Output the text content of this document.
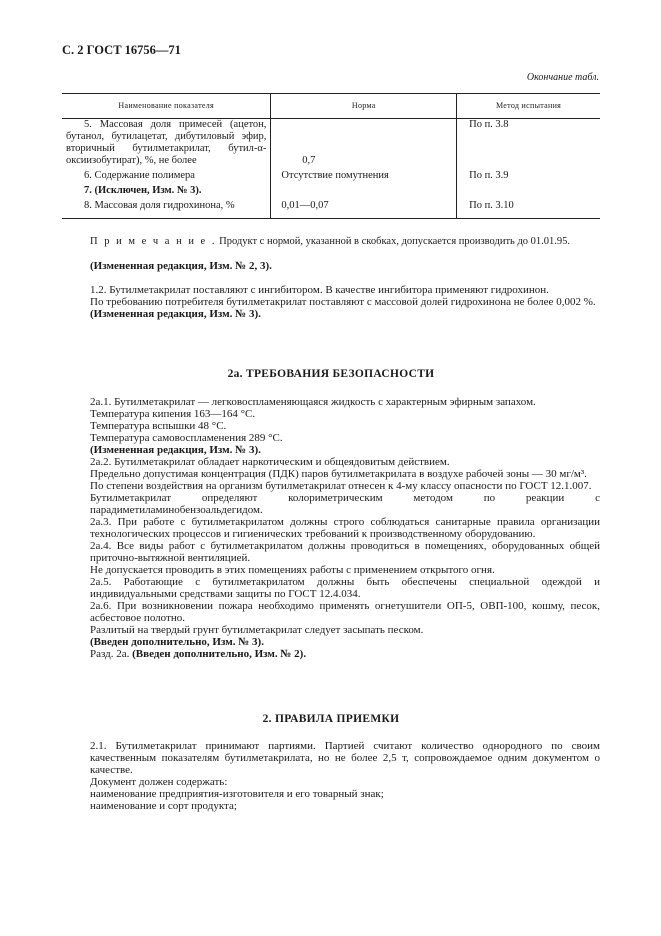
С. 2 ГОСТ 16756—71
Окончание табл.
Наименование показателя	Норма	Метод испытания
5. Массовая доля примесей (ацетон, бутанол, бутилацетат, дибутиловый эфир, вторичный бутилметакрилат, бутил-α-оксиизобутират), %, не более	0,7	По п. 3.8
6. Содержание полимера	Отсутствие помутнения	По п. 3.9
7. (Исключен, Изм. № 3).		
8. Массовая доля гидрохинона, %	0,01—0,07	По п. 3.10
П р и м е ч а н и е . Продукт с нормой, указанной в скобках, допускается производить до 01.01.95.

(Измененная редакция, Изм. № 2, 3).

1.2. Бутилметакрилат поставляют с ингибитором. В качестве ингибитора применяют гидрохинон.

По требованию потребителя бутилметакрилат поставляют с массовой долей гидрохинона не более 0,002 %.

(Измененная редакция, Изм. № 3).

2а. ТРЕБОВАНИЯ БЕЗОПАСНОСТИ

2а.1. Бутилметакрилат — легковоспламеняющаяся жидкость с характерным эфирным запахом.

Температура кипения 163—164 °С.

Температура вспышки 48 °С.

Температура самовоспламенения 289 °С.

(Измененная редакция, Изм. № 3).

2а.2. Бутилметакрилат обладает наркотическим и общеядовитым действием.

Предельно допустимая концентрация (ПДК) паров бутилметакрилата в воздухе рабочей зоны — 30 мг/м³.

По степени воздействия на организм бутилметакрилат отнесен к 4-му классу опасности по ГОСТ 12.1.007.

Бутилметакрилат определяют колориметрическим методом по реакции с парадиметиламинобензоальдегидом.

2а.3. При работе с бутилметакрилатом должны строго соблюдаться санитарные правила организации технологических процессов и гигиенических требований к производственному оборудованию.

2а.4. Все виды работ с бутилметакрилатом должны проводиться в помещениях, оборудованных общей приточно-вытяжной вентиляцией.

Не допускается проводить в этих помещениях работы с применением открытого огня.

2а.5. Работающие с бутилметакрилатом должны быть обеспечены специальной одеждой и индивидуальными средствами защиты по ГОСТ 12.4.034.

2а.6. При возникновении пожара необходимо применять огнетушители ОП-5, ОВП-100, кошму, песок, асбестовое полотно.

Разлитый на твердый грунт бутилметакрилат следует засыпать песком.

(Введен дополнительно, Изм. № 3).

Разд. 2а. (Введен дополнительно, Изм. № 2).

2. ПРАВИЛА ПРИЕМКИ

2.1. Бутилметакрилат принимают партиями. Партией считают количество однородного по своим качественным показателям бутилметакрилата, но не более 2,5 т, сопровождаемое одним документом о качестве.

Документ должен содержать:

наименование предприятия-изготовителя и его товарный знак;

наименование и сорт продукта;
